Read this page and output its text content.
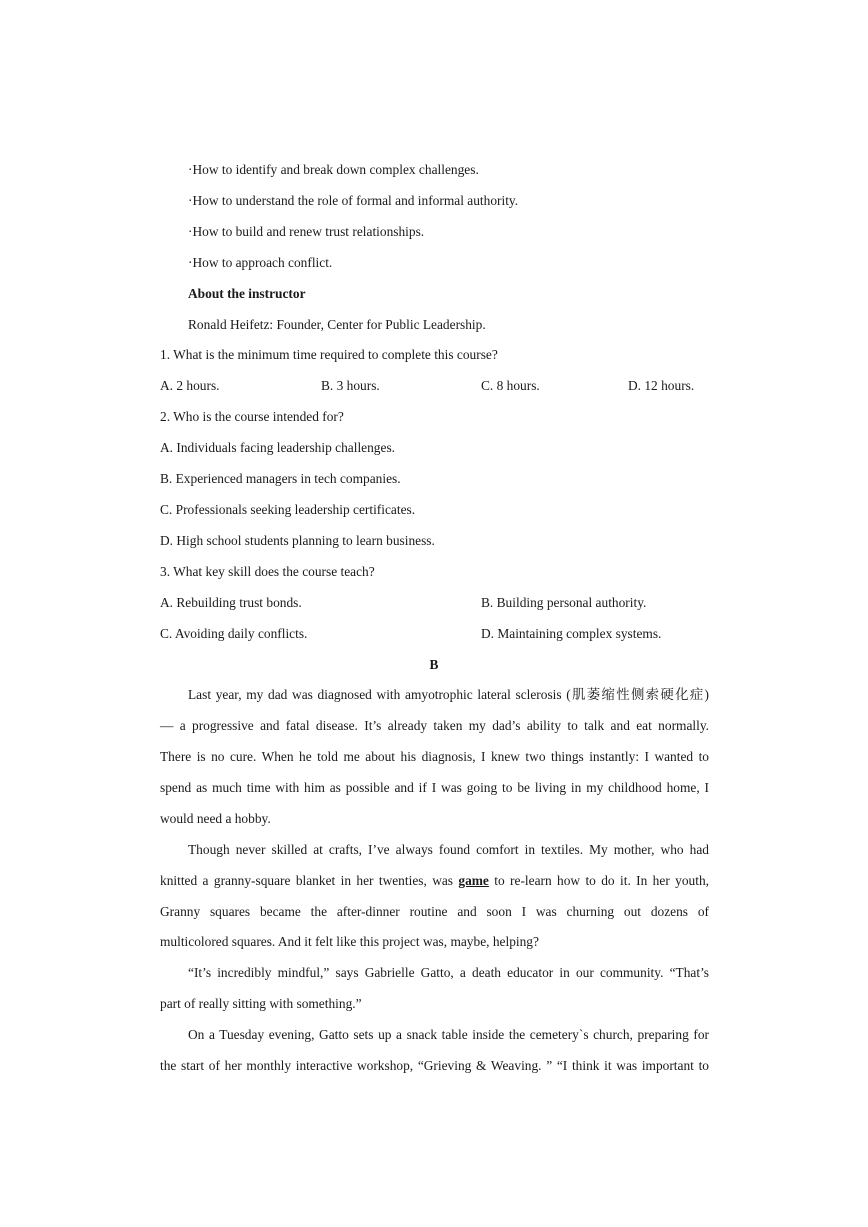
·How to identify and break down complex challenges.
·How to understand the role of formal and informal authority.
·How to build and renew trust relationships.
·How to approach conflict.
About the instructor
Ronald Heifetz: Founder, Center for Public Leadership.
1. What is the minimum time required to complete this course?
A. 2 hours.	B. 3 hours.	C. 8 hours.	D. 12 hours.
2. Who is the course intended for?
A. Individuals facing leadership challenges.
B. Experienced managers in tech companies.
C. Professionals seeking leadership certificates.
D. High school students planning to learn business.
3. What key skill does the course teach?
A. Rebuilding trust bonds.	B. Building personal authority.
C. Avoiding daily conflicts.	D. Maintaining complex systems.
B
Last year, my dad was diagnosed with amyotrophic lateral sclerosis (肌萎缩性侧索硬化症)
— a progressive and fatal disease. It’s already taken my dad’s ability to talk and eat normally.
There is no cure. When he told me about his diagnosis, I knew two things instantly: I wanted to
spend as much time with him as possible and if I was going to be living in my childhood home, I
would need a hobby.
Though never skilled at crafts, I’ve always found comfort in textiles. My mother, who had
knitted a granny-square blanket in her twenties, was game to re-learn how to do it. In her youth,
Granny squares became the after-dinner routine and soon I was churning out dozens of
multicolored squares. And it felt like this project was, maybe, helping?
“It’s incredibly mindful,” says Gabrielle Gatto, a death educator in our community. “That’s
part of really sitting with something.”
On a Tuesday evening, Gatto sets up a snack table inside the cemetery`s church, preparing for
the start of her monthly interactive workshop, “Grieving & Weaving. ” “I think it was important to
